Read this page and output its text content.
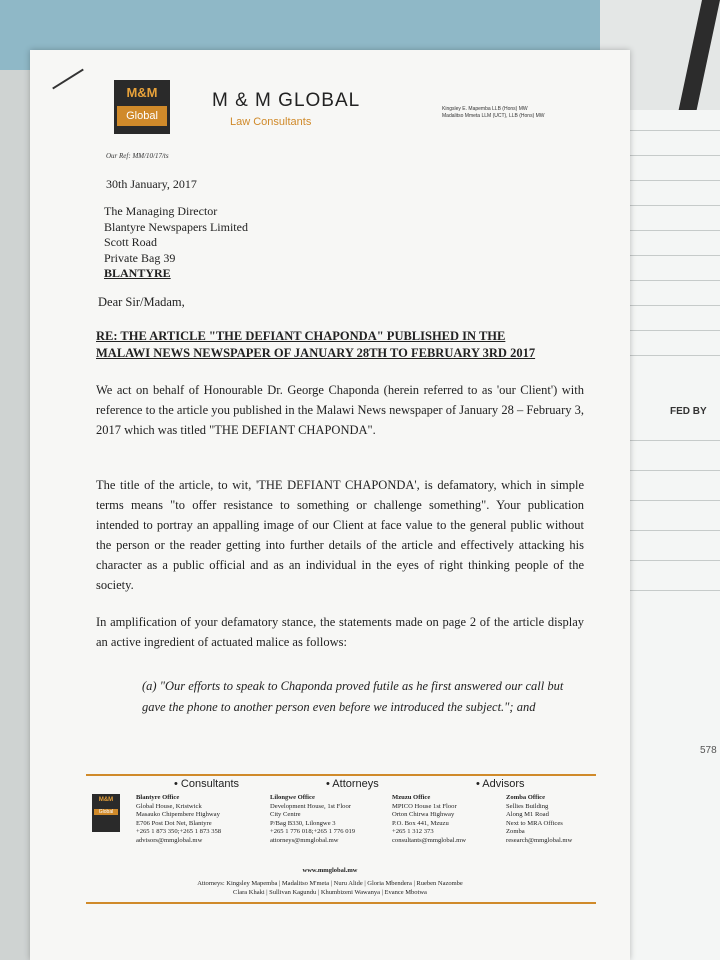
FED BY
578
M&M
Global
M & M GLOBAL
Law Consultants
Kingsley E. Mapemba LLB (Hons) MW
Madalitso Mmeta LLM (UCT), LLB (Hons) MW
Our Ref: MM/10/17/ts
30th January, 2017
The Managing Director
Blantyre Newspapers Limited
Scott Road
Private Bag 39
BLANTYRE
Dear Sir/Madam,
RE: THE ARTICLE "THE DEFIANT CHAPONDA" PUBLISHED IN THE
MALAWI NEWS NEWSPAPER OF JANUARY 28TH TO FEBRUARY 3RD 2017
We act on behalf of Honourable Dr. George Chaponda (herein referred to as 'our Client') with reference to the article you published in the Malawi News newspaper of January 28 – February 3, 2017 which was titled "THE DEFIANT CHAPONDA".
The title of the article, to wit, 'THE DEFIANT CHAPONDA', is defamatory, which in simple terms means "to offer resistance to something or challenge something". Your publication intended to portray an appalling image of our Client at face value to the general public without the person or the reader getting into further details of the article and effectively attacking his character as a public official and as an individual in the eyes of right thinking people of the society.
In amplification of your defamatory stance, the statements made on page 2 of the article display an active ingredient of actuated malice as follows:
(a) "Our efforts to speak to Chaponda proved futile as he first answered our call but gave the phone to another person even before we introduced the subject."; and
• Consultants	• Attorneys	• Advisors
M&M
Global
Blantyre Office
Global House, Kristwick
Masauko Chipembere Highway
E706 Post Dot Net, Blantyre
+265 1 873 350;+265 1 873 358
advisors@mmglobal.mw
Lilongwe Office
Development House, 1st Floor
City Centre
P/Bag B330, Lilongwe 3
+265 1 776 018;+265 1 776 019
attorneys@mmglobal.mw
Mzuzu Office
MPICO House 1st Floor
Orton Chirwa Highway
P.O. Box 441, Mzuzu
+265 1 312 373
consultants@mmglobal.mw
Zomba Office
Sellies Building
Along M1 Road
Next to MRA Offices
Zomba
research@mmglobal.mw
www.mmglobal.mw
Attorneys: Kingsley Mapemba | Madalitso M'meta | Nuru Alide | Gloria Mbendera | Rueben Nazombe
Clara Khaki | Sullivan Kagundu | Khumbizeni Wawanya | Evance Mbotwa
